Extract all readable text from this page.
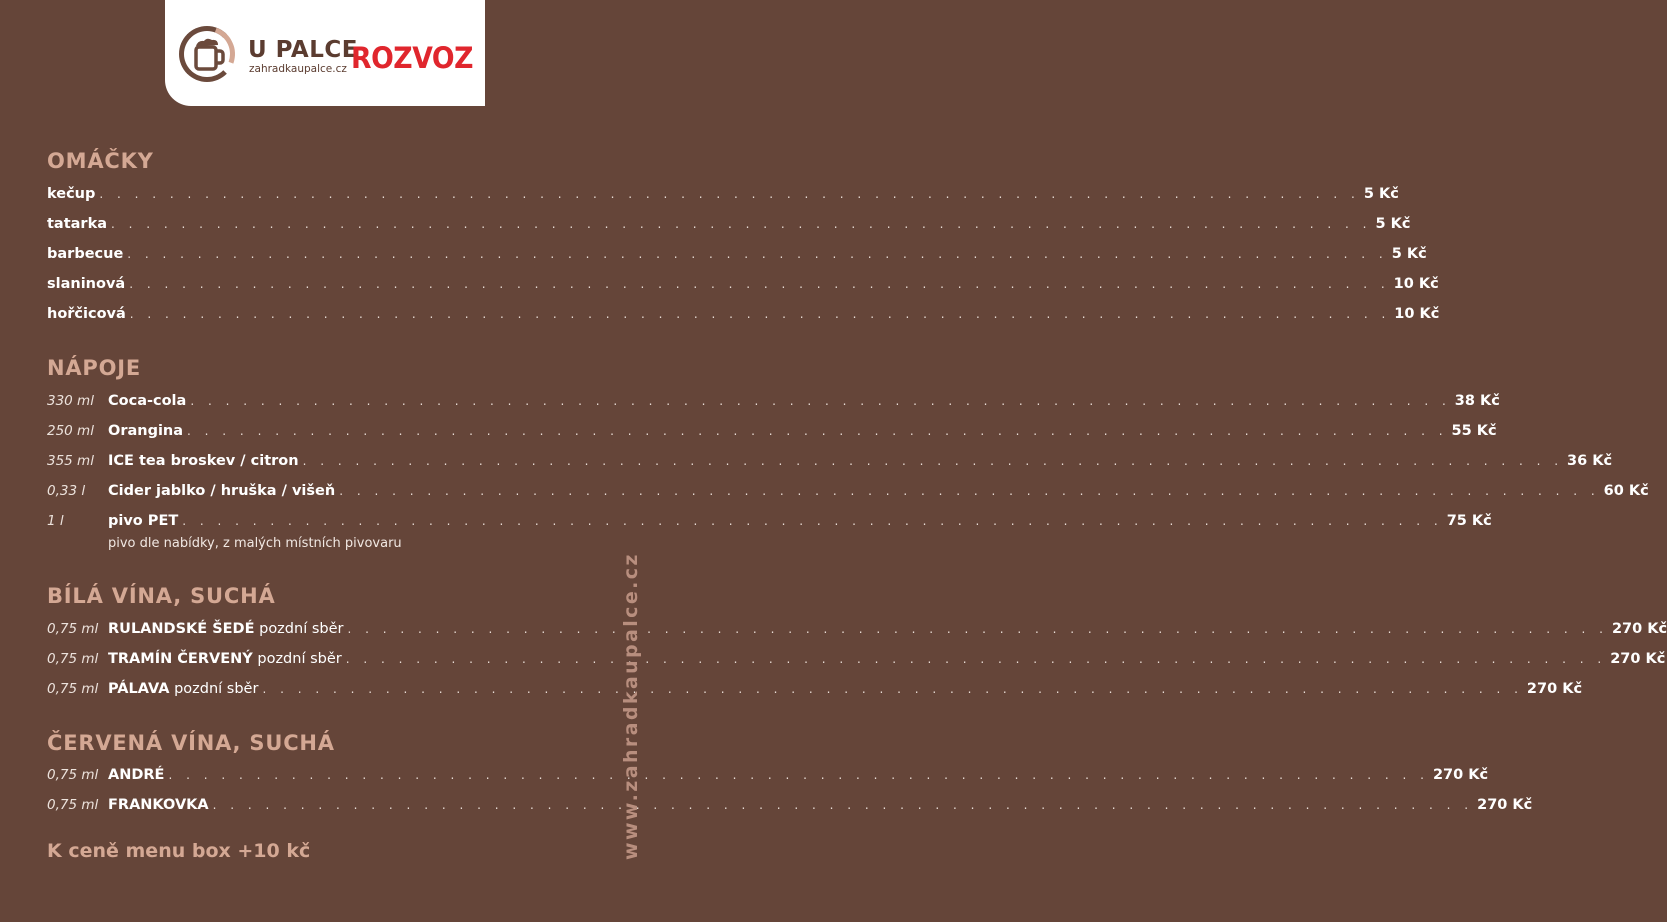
U PALCE
zahradkaupalce.cz ROZVOZ
OMÁČKY
kečup . . . . . . . . . . . . . . . . . . . . . . . . . . . . . . . . . . . . . . . . . . . . . . . . . . . . . . . . . . . . . . . . . . . . . . . . 5 Kč
tatarka . . . . . . . . . . . . . . . . . . . . . . . . . . . . . . . . . . . . . . . . . . . . . . . . . . . . . . . . . . . . . . . . . . . . . . . . 5 Kč
barbecue . . . . . . . . . . . . . . . . . . . . . . . . . . . . . . . . . . . . . . . . . . . . . . . . . . . . . . . . . . . . . . . . . . . . . . . . 5 Kč
slaninová . . . . . . . . . . . . . . . . . . . . . . . . . . . . . . . . . . . . . . . . . . . . . . . . . . . . . . . . . . . . . . . . . . . . . . . . 10 Kč
hořčicová . . . . . . . . . . . . . . . . . . . . . . . . . . . . . . . . . . . . . . . . . . . . . . . . . . . . . . . . . . . . . . . . . . . . . . . . 10 Kč
NÁPOJE
330 ml Coca-cola . . . . . . . . . . . . . . . . . . . . . . . . . . . . . . . . . . . . . . . . . . . . . . . . . . . . . . . . . . . . . . . . . . . . . . . . 38 Kč
250 ml Orangina . . . . . . . . . . . . . . . . . . . . . . . . . . . . . . . . . . . . . . . . . . . . . . . . . . . . . . . . . . . . . . . . . . . . . . . . 55 Kč
355 ml ICE tea broskev / citron . . . . . . . . . . . . . . . . . . . . . . . . . . . . . . . . . . . . . . . . . . . . . . . . . . . . . . . . . . . . . . . . . . . . . . . . 36 Kč
0,33 l	Cider jablko / hruška / višeň . . . . . . . . . . . . . . . . . . . . . . . . . . . . . . . . . . . . . . . . . . . . . . . . . . . . . . . . . . . . . . . . . . . . . . . . 60 Kč
1 l	pivo PET . . . . . . . . . . . . . . . . . . . . . . . . . . . . . . . . . . . . . . . . . . . . . . . . . . . . . . . . . . . . . . . . . . . . . . . . 75 Kč
pivo dle nabídky, z malých místních pivovaru
BÍLÁ VÍNA, SUCHÁ
0,75 ml RULANDSKÉ ŠEDÉ pozdní sběr . . . . . . . . . . . . . . . . . . . . . . . . . . . . . . . . . . . . . . . . . . . . . . . . . . . . . . . . . . . . . . . . . . . . . . . . 270 Kč
0,75 ml TRAMÍN ČERVENÝ pozdní sběr . . . . . . . . . . . . . . . . . . . . . . . . . . . . . . . . . . . . . . . . . . . . . . . . . . . . . . . . . . . . . . . . . . . . . . . . 270 Kč
0,75 ml PÁLAVA pozdní sběr . . . . . . . . . . . . . . . . . . . . . . . . . . . . . . . . . . . . . . . . . . . . . . . . . . . . . . . . . . . . . . . . . . . . . . . . 270 Kč
ČERVENÁ VÍNA, SUCHÁ
0,75 ml ANDRÉ . . . . . . . . . . . . . . . . . . . . . . . . . . . . . . . . . . . . . . . . . . . . . . . . . . . . . . . . . . . . . . . . . . . . . . . . 270 Kč
0,75 ml FRANKOVKA . . . . . . . . . . . . . . . . . . . . . . . . . . . . . . . . . . . . . . . . . . . . . . . . . . . . . . . . . . . . . . . . . . . . . . . . 270 Kč
K ceně menu box +10 kč	www.zahradkaupalce.cz
